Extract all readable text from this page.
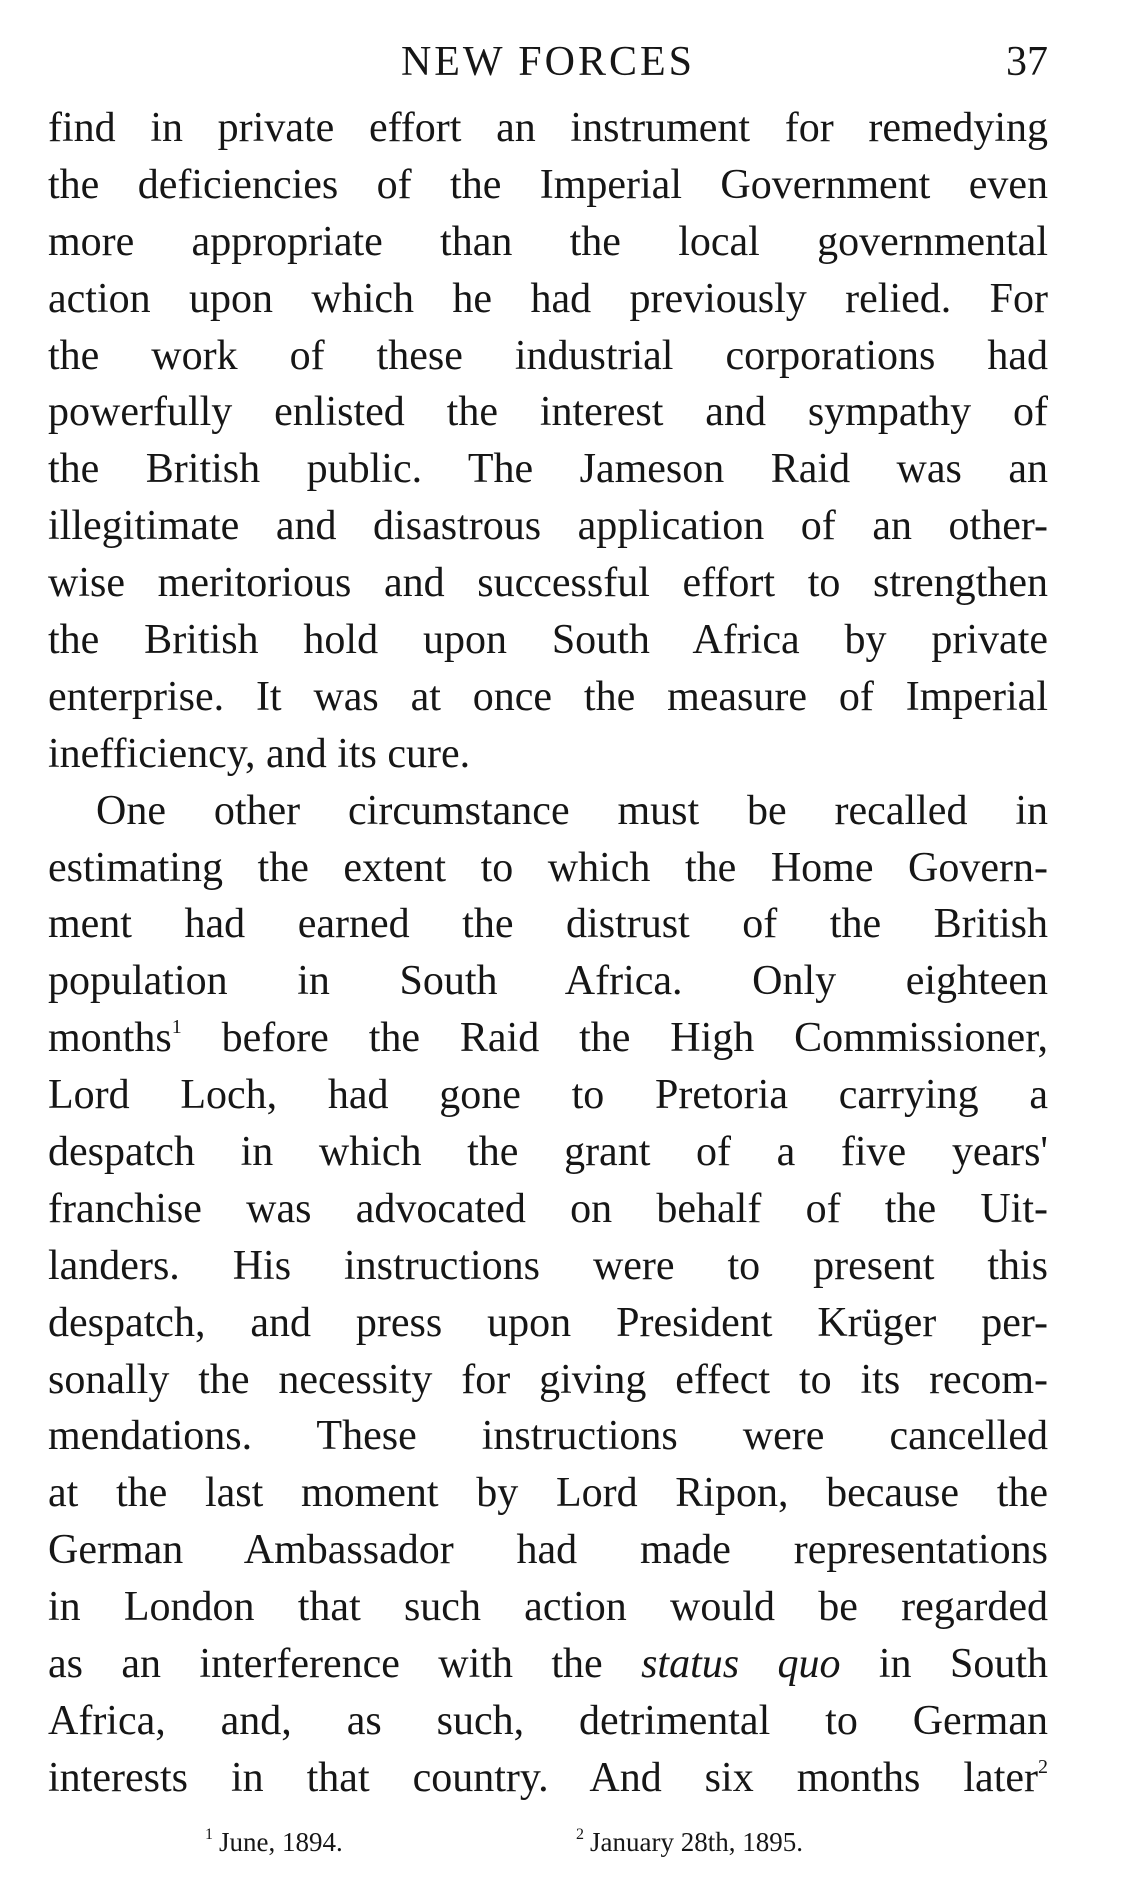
NEW FORCES	37
find in private effort an instrument for remedying
the deficiencies of the Imperial Government even
more appropriate than the local governmental
action upon which he had previously relied. For
the work of these industrial corporations had
powerfully enlisted the interest and sympathy of
the British public. The Jameson Raid was an
illegitimate and disastrous application of an other-
wise meritorious and successful effort to strengthen
the British hold upon South Africa by private
enterprise. It was at once the measure of Imperial
inefficiency, and its cure.
One other circumstance must be recalled in
estimating the extent to which the Home Govern-
ment had earned the distrust of the British
population in South Africa. Only eighteen
months$^1$ before the Raid the High Commissioner,
Lord Loch, had gone to Pretoria carrying a
despatch in which the grant of a five years'
franchise was advocated on behalf of the Uit-
landers. His instructions were to present this
despatch, and press upon President Krüger per-
sonally the necessity for giving effect to its recom-
mendations. These instructions were cancelled
at the last moment by Lord Ripon, because the
German Ambassador had made representations
in London that such action would be regarded
as an interference with the status quo in South
Africa, and, as such, detrimental to German
interests in that country. And six months later$^2$
$^1$ June, 1894.	$^2$ January 28th, 1895.
